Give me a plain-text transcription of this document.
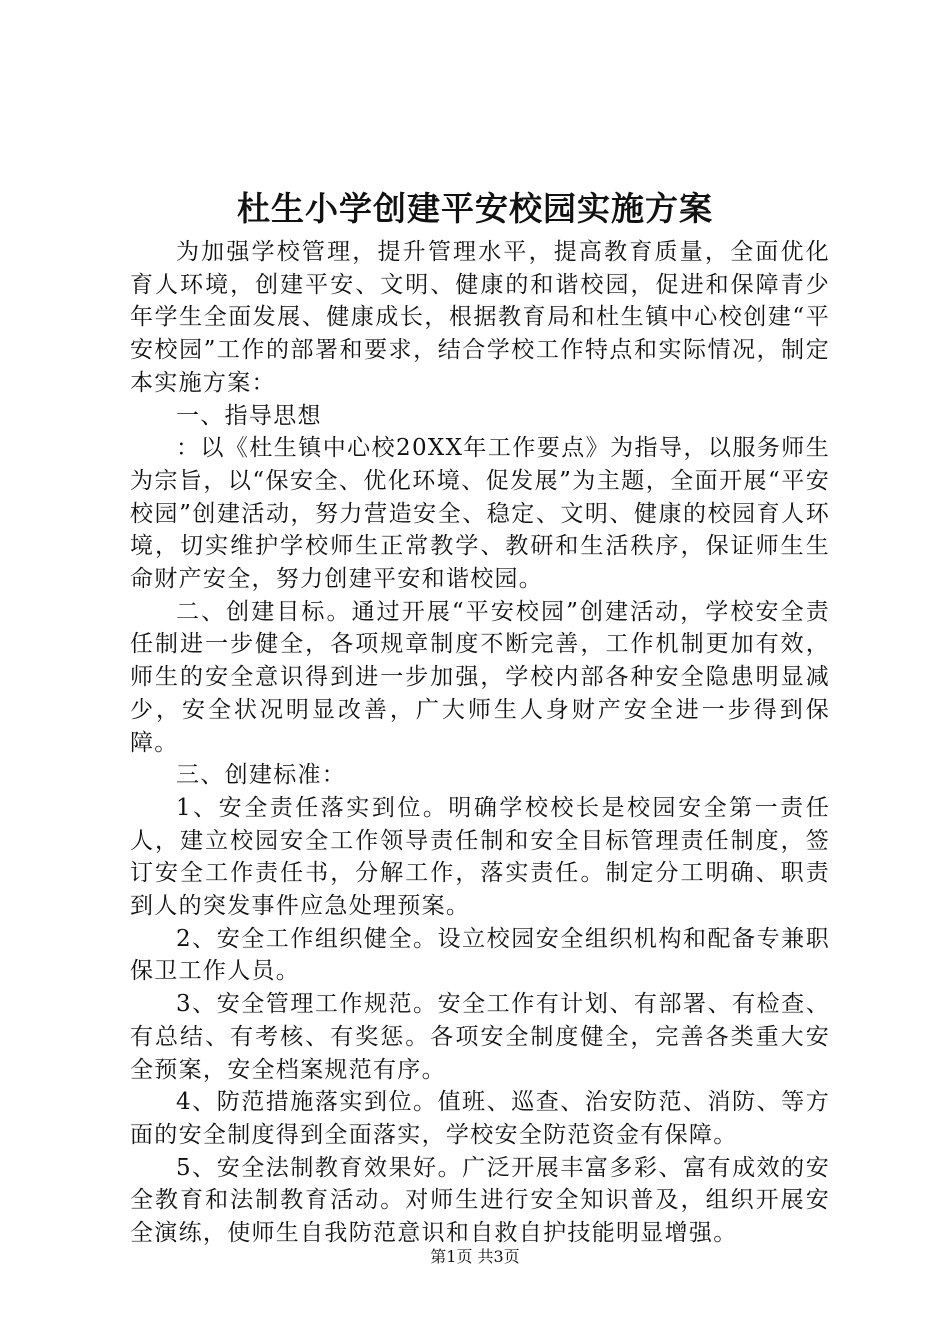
杜生小学创建平安校园实施方案

为加强学校管理，提升管理水平，提高教育质量，全面优化育人环境，创建平安、文明、健康的和谐校园，促进和保障青少年学生全面发展、健康成长，根据教育局和杜生镇中心校创建“平安校园”工作的部署和要求，结合学校工作特点和实际情况，制定本实施方案：

一、指导思想

：以《杜生镇中心校20XX年工作要点》为指导，以服务师生为宗旨，以“保安全、优化环境、促发展”为主题，全面开展“平安校园”创建活动，努力营造安全、稳定、文明、健康的校园育人环境，切实维护学校师生正常教学、教研和生活秩序，保证师生生命财产安全，努力创建平安和谐校园。

二、创建目标。通过开展“平安校园”创建活动，学校安全责任制进一步健全，各项规章制度不断完善，工作机制更加有效，师生的安全意识得到进一步加强，学校内部各种安全隐患明显减少，安全状况明显改善，广大师生人身财产安全进一步得到保障。

三、创建标准：

1、安全责任落实到位。明确学校校长是校园安全第一责任人，建立校园安全工作领导责任制和安全目标管理责任制度，签订安全工作责任书，分解工作，落实责任。制定分工明确、职责到人的突发事件应急处理预案。

2、安全工作组织健全。设立校园安全组织机构和配备专兼职保卫工作人员。

3、安全管理工作规范。安全工作有计划、有部署、有检查、有总结、有考核、有奖惩。各项安全制度健全，完善各类重大安全预案，安全档案规范有序。

4、防范措施落实到位。值班、巡查、治安防范、消防、等方面的安全制度得到全面落实，学校安全防范资金有保障。

5、安全法制教育效果好。广泛开展丰富多彩、富有成效的安全教育和法制教育活动。对师生进行安全知识普及，组织开展安全演练，使师生自我防范意识和自救自护技能明显增强。

第1页 共3页
